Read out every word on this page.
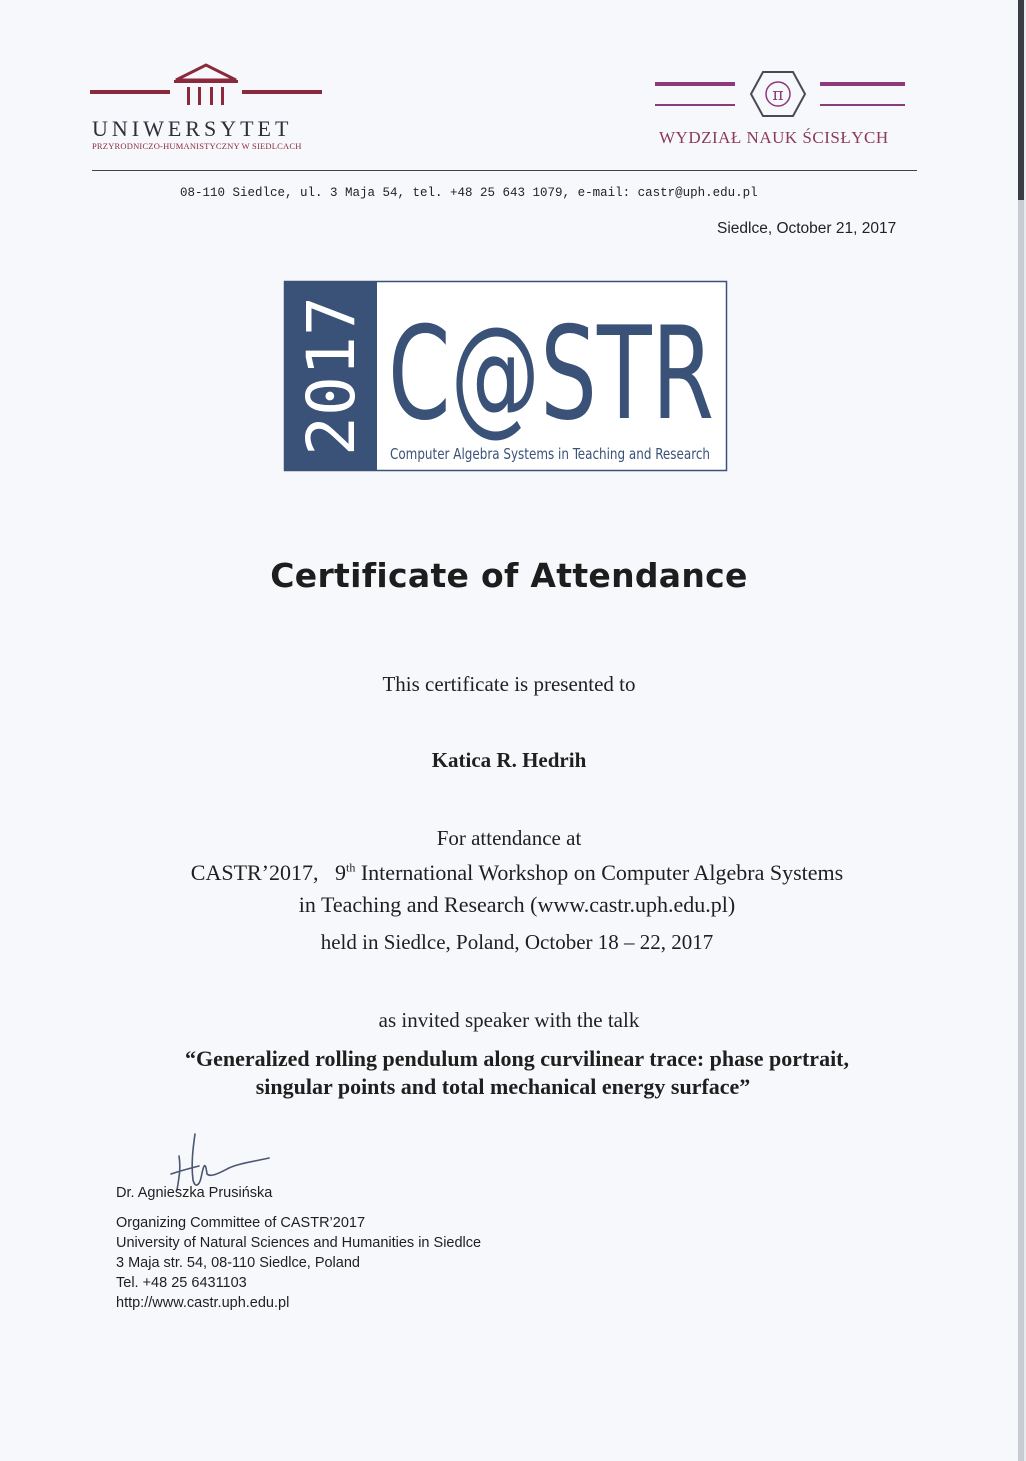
UNIWERSYTET
PRZYRODNICZO-HUMANISTYCZNY W SIEDLCACH
π
WYDZIAŁ NAUK ŚCISŁYCH
08-110 Siedlce, ul. 3 Maja 54, tel. +48 25 643 1079, e-mail: castr@uph.edu.pl
Siedlce, October 21, 2017
2017 C@STR
Computer Algebra Systems in Teaching and Research
Certificate of Attendance
This certificate is presented to
Katica R. Hedrih
For attendance at
CASTR’2017, 9th International Workshop on Computer Algebra Systems
in Teaching and Research (www.castr.uph.edu.pl)
held in Siedlce, Poland, October 18 – 22, 2017
as invited speaker with the talk
“Generalized rolling pendulum along curvilinear trace: phase portrait,
singular points and total mechanical energy surface”
Dr. Agnieszka Prusińska
Organizing Committee of CASTR’2017
University of Natural Sciences and Humanities in Siedlce
3 Maja str. 54, 08-110 Siedlce, Poland
Tel. +48 25 6431103
http://www.castr.uph.edu.pl
